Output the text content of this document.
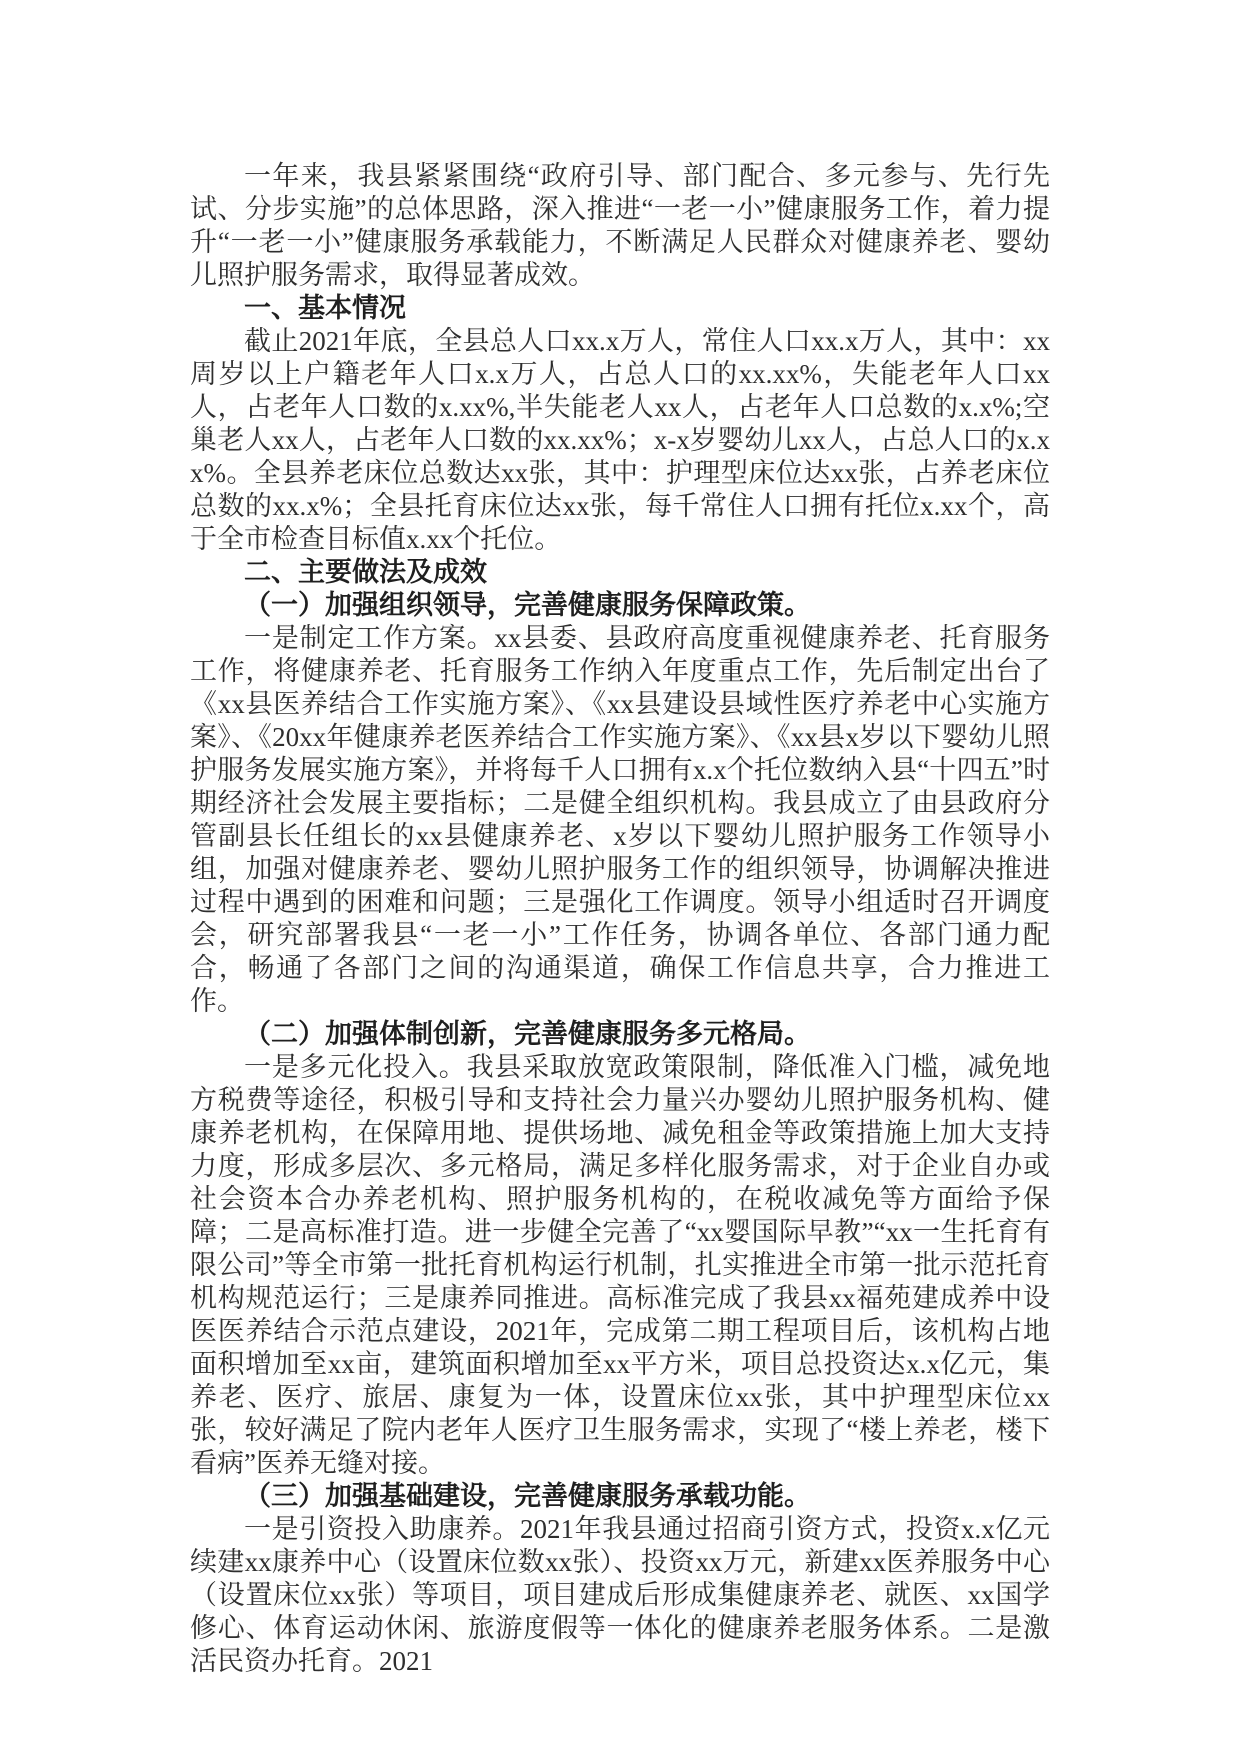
一年来，我县紧紧围绕“政府引导、部门配合、多元参与、先行先试、分步实施”的总体思路，深入推进“一老一小”健康服务工作，着力提升“一老一小”健康服务承载能力，不断满足人民群众对健康养老、婴幼儿照护服务需求，取得显著成效。

一、基本情况

截止2021年底，全县总人口xx.x万人，常住人口xx.x万人，其中：xx周岁以上户籍老年人口x.x万人，占总人口的xx.xx%，失能老年人口xx人，占老年人口数的x.xx%,半失能老人xx人，占老年人口总数的x.x%;空巢老人xx人，占老年人口数的xx.xx%；x-x岁婴幼儿xx人，占总人口的x.xx%。全县养老床位总数达xx张，其中：护理型床位达xx张，占养老床位总数的xx.x%；全县托育床位达xx张，每千常住人口拥有托位x.xx个，高于全市检查目标值x.xx个托位。

二、主要做法及成效

（一）加强组织领导，完善健康服务保障政策。

一是制定工作方案。xx县委、县政府高度重视健康养老、托育服务工作，将健康养老、托育服务工作纳入年度重点工作，先后制定出台了《xx县医养结合工作实施方案》、《xx县建设县域性医疗养老中心实施方案》、《20xx年健康养老医养结合工作实施方案》、《xx县x岁以下婴幼儿照护服务发展实施方案》，并将每千人口拥有x.x个托位数纳入县“十四五”时期经济社会发展主要指标；二是健全组织机构。我县成立了由县政府分管副县长任组长的xx县健康养老、x岁以下婴幼儿照护服务工作领导小组，加强对健康养老、婴幼儿照护服务工作的组织领导，协调解决推进过程中遇到的困难和问题；三是强化工作调度。领导小组适时召开调度会，研究部署我县“一老一小”工作任务，协调各单位、各部门通力配合，畅通了各部门之间的沟通渠道，确保工作信息共享，合力推进工作。

（二）加强体制创新，完善健康服务多元格局。

一是多元化投入。我县采取放宽政策限制，降低准入门槛，减免地方税费等途径，积极引导和支持社会力量兴办婴幼儿照护服务机构、健康养老机构，在保障用地、提供场地、减免租金等政策措施上加大支持力度，形成多层次、多元格局，满足多样化服务需求，对于企业自办或社会资本合办养老机构、照护服务机构的，在税收减免等方面给予保障；二是高标准打造。进一步健全完善了“xx婴国际早教”“xx一生托育有限公司”等全市第一批托育机构运行机制，扎实推进全市第一批示范托育机构规范运行；三是康养同推进。高标准完成了我县xx福苑建成养中设医医养结合示范点建设，2021年，完成第二期工程项目后，该机构占地面积增加至xx亩，建筑面积增加至xx平方米，项目总投资达x.x亿元，集养老、医疗、旅居、康复为一体，设置床位xx张，其中护理型床位xx张，较好满足了院内老年人医疗卫生服务需求，实现了“楼上养老，楼下看病”医养无缝对接。

（三）加强基础建设，完善健康服务承载功能。

一是引资投入助康养。2021年我县通过招商引资方式，投资x.x亿元续建xx康养中心（设置床位数xx张）、投资xx万元，新建xx医养服务中心（设置床位xx张）等项目，项目建成后形成集健康养老、就医、xx国学修心、体育运动休闲、旅游度假等一体化的健康养老服务体系。二是激活民资办托育。2021
